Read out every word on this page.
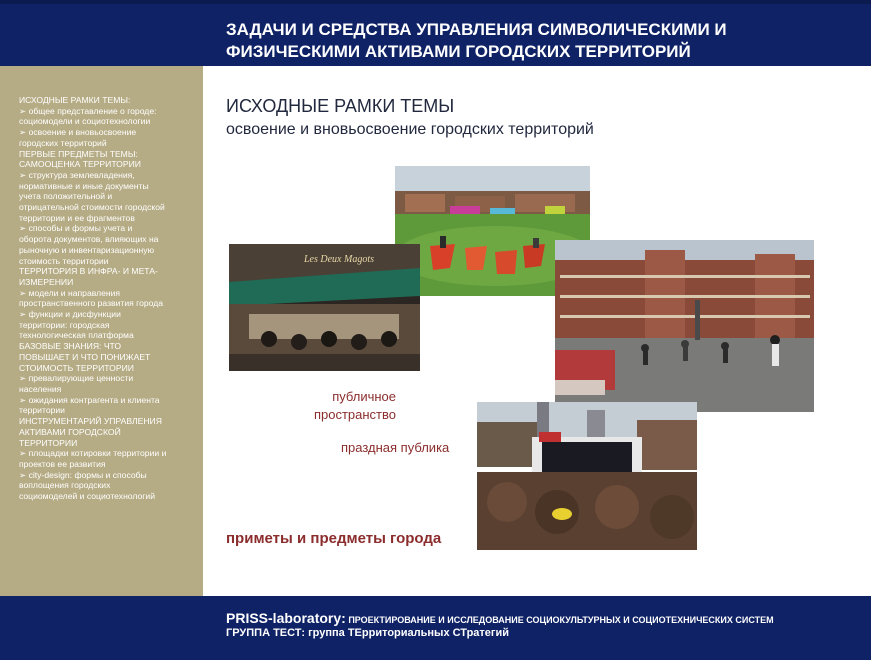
ЗАДАЧИ И СРЕДСТВА УПРАВЛЕНИЯ СИМВОЛИЧЕСКИМИ И
ФИЗИЧЕСКИМИ АКТИВАМИ ГОРОДСКИХ ТЕРРИТОРИЙ
ИСХОДНЫЕ РАМКИ ТЕМЫ:
➢ общее представление о городе:
социомодели и социотехнологии
➢ освоение и вновьосвоение
городских территорий
ПЕРВЫЕ ПРЕДМЕТЫ ТЕМЫ:
САМООЦЕНКА ТЕРРИТОРИИ
➢ структура землевладения,
нормативные и иные документы
учета положительной и
отрицательной стоимости городской
территории и ее фрагментов
➢ способы и формы учета и
оборота документов, влияющих на
рыночную и инвентаризационную
стоимость территории
ТЕРРИТОРИЯ В ИНФРА- И МЕТА-
ИЗМЕРЕНИИ
➢ модели и направления
пространственного развития города
➢ функции и дисфункции
территории: городская
технологическая платформа
БАЗОВЫЕ ЗНАНИЯ: ЧТО
ПОВЫШАЕТ И ЧТО ПОНИЖАЕТ
СТОИМОСТЬ ТЕРРИТОРИИ
➢ превалирующие ценности
населения
➢ ожидания контрагента и клиента
территории
ИНСТРУМЕНТАРИЙ УПРАВЛЕНИЯ
АКТИВАМИ ГОРОДСКОЙ
ТЕРРИТОРИИ
➢ площадки котировки территории и
проектов ее развития
➢ city-design: формы и способы
воплощения городских
социомоделей и социотехнологий
ИСХОДНЫЕ РАМКИ ТЕМЫ
освоение и вновьосвоение городских территорий
Les Deux Magots
публичное
пространство
праздная публика
приметы и предметы города
PRISS-laboratory: ПРОЕКТИРОВАНИЕ И ИССЛЕДОВАНИЕ СОЦИОКУЛЬТУРНЫХ И СОЦИОТЕХНИЧЕСКИХ СИСТЕМ
ГРУППА ТЕСТ: группа ТЕрриториальных СТратегий
